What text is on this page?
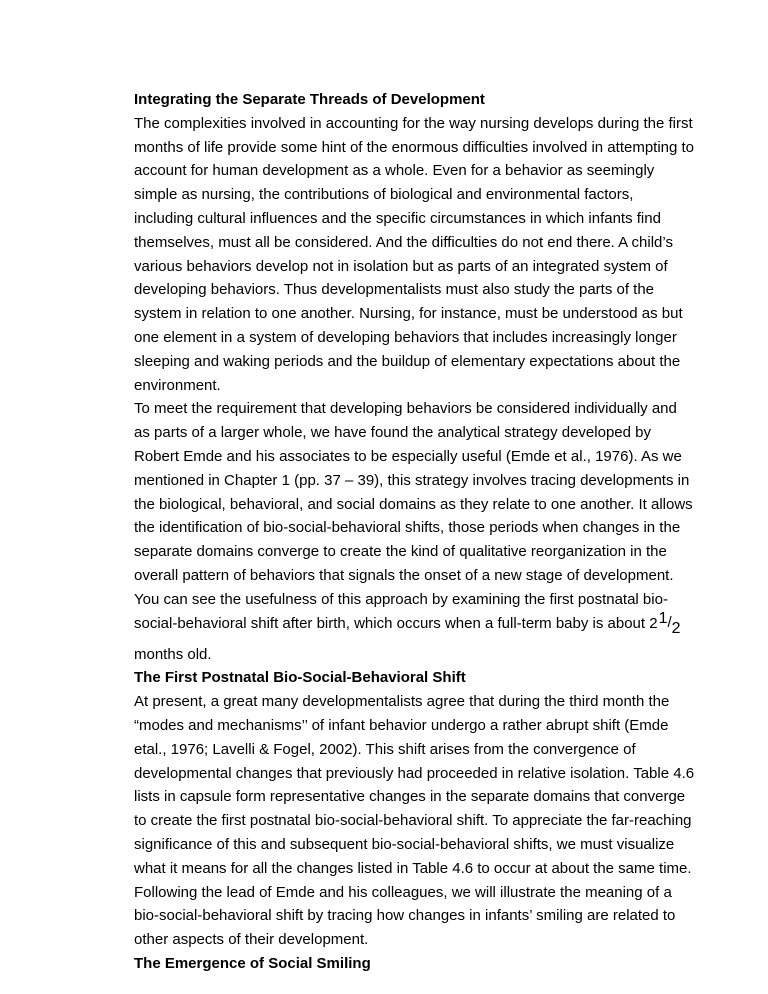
Integrating the Separate Threads of Development
The complexities involved in accounting for the way nursing develops during the first
months of life provide some hint of the enormous difficulties involved in attempting to
account for human development as a whole. Even for a behavior as seemingly
simple as nursing, the contributions of biological and environmental factors,
including cultural influences and the specific circumstances in which infants find
themselves, must all be considered. And the difficulties do not end there. A child’s
various behaviors develop not in isolation but as parts of an integrated system of
developing behaviors. Thus developmentalists must also study the parts of the
system in relation to one another. Nursing, for instance, must be understood as but
one element in a system of developing behaviors that includes increasingly longer
sleeping and waking periods and the buildup of elementary expectations about the
environment.
To meet the requirement that developing behaviors be considered individually and
as parts of a larger whole, we have found the analytical strategy developed by
Robert Emde and his associates to be especially useful (Emde et al., 1976). As we
mentioned in Chapter 1 (pp. 37 – 39), this strategy involves tracing developments in
the biological, behavioral, and social domains as they relate to one another. It allows
the identification of bio-social-behavioral shifts, those periods when changes in the
separate domains converge to create the kind of qualitative reorganization in the
overall pattern of behaviors that signals the onset of a new stage of development.
You can see the usefulness of this approach by examining the first postnatal bio-
social-behavioral shift after birth, which occurs when a full-term baby is about 21/2
months old.
The First Postnatal Bio-Social-Behavioral Shift
At present, a great many developmentalists agree that during the third month the
“modes and mechanisms’’ of infant behavior undergo a rather abrupt shift (Emde
etal., 1976; Lavelli & Fogel, 2002). This shift arises from the convergence of
developmental changes that previously had proceeded in relative isolation. Table 4.6
lists in capsule form representative changes in the separate domains that converge
to create the first postnatal bio-social-behavioral shift. To appreciate the far-reaching
significance of this and subsequent bio-social-behavioral shifts, we must visualize
what it means for all the changes listed in Table 4.6 to occur at about the same time.
Following the lead of Emde and his colleagues, we will illustrate the meaning of a
bio-social-behavioral shift by tracing how changes in infants’ smiling are related to
other aspects of their development.
The Emergence of Social Smiling
